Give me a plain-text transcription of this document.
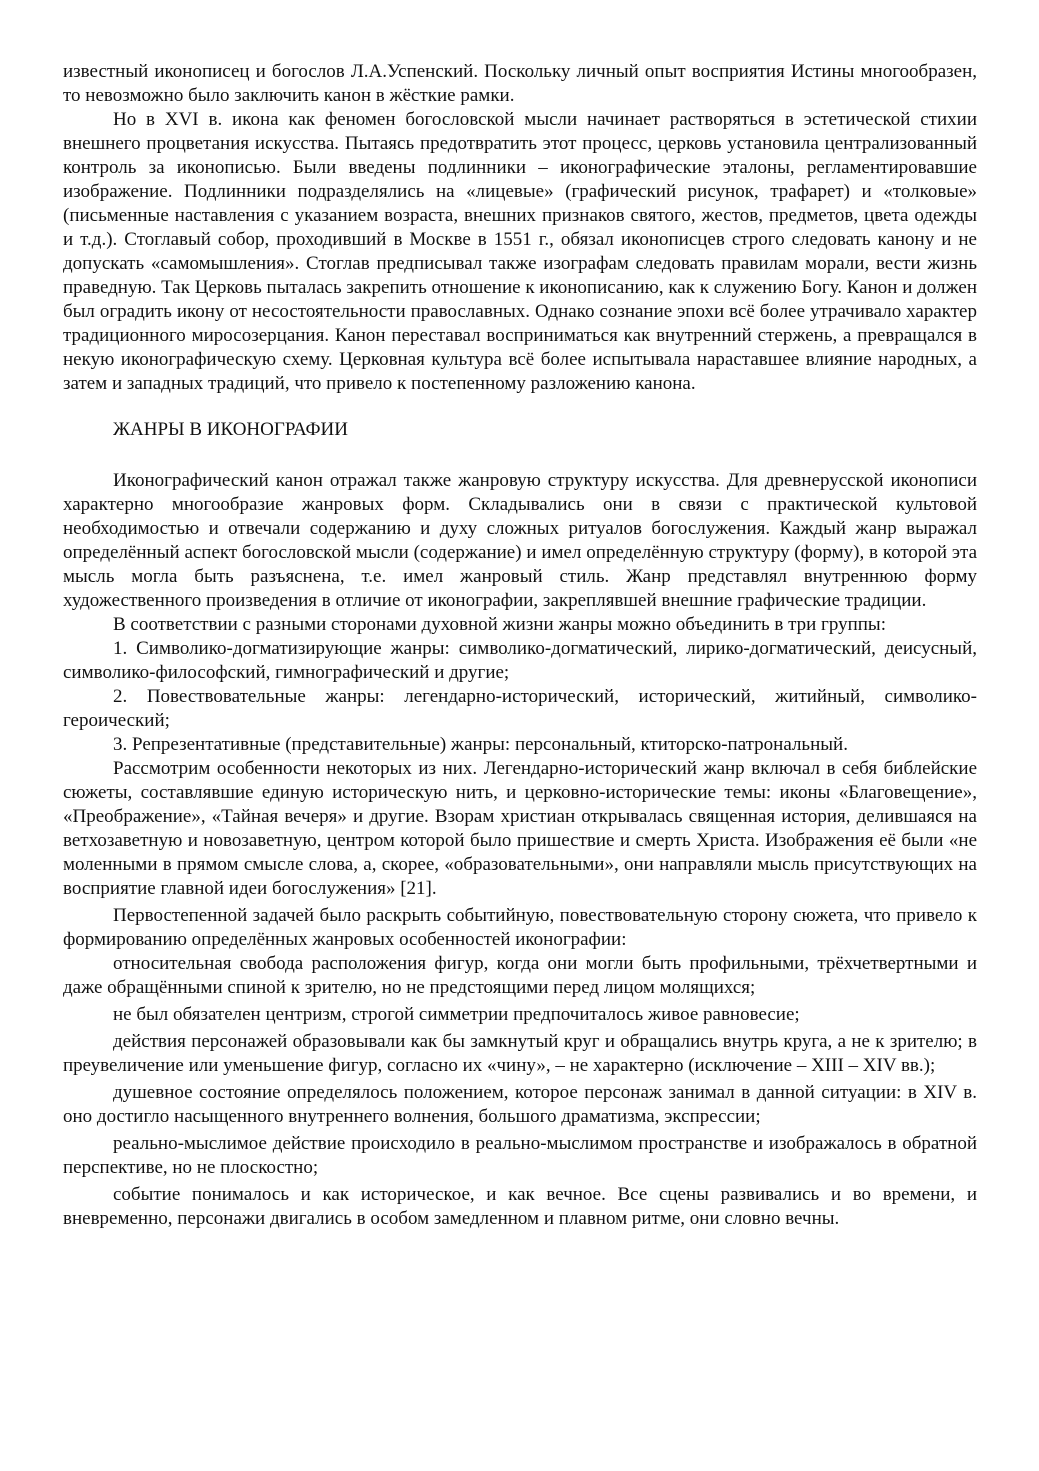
известный иконописец и богослов Л.А.Успенский. Поскольку личный опыт восприятия Истины многообразен, то невозможно было заключить канон в жёсткие рамки.

Но в XVI в. икона как феномен богословской мысли начинает растворяться в эстетической стихии внешнего процветания искусства. Пытаясь предотвратить этот процесс, церковь установила централизованный контроль за иконописью. Были введены подлинники – иконографические эталоны, регламентировавшие изображение. Подлинники подразделялись на «лицевые» (графический рисунок, трафарет) и «толковые» (письменные наставления с указанием возраста, внешних признаков святого, жестов, предметов, цвета одежды и т.д.). Стоглавый собор, проходивший в Москве в 1551 г., обязал иконописцев строго следовать канону и не допускать «самомышления». Стоглав предписывал также изографам следовать правилам морали, вести жизнь праведную. Так Церковь пыталась закрепить отношение к иконописанию, как к служению Богу. Канон и должен был оградить икону от несостоятельности православных. Однако сознание эпохи всё более утрачивало характер традиционного миросозерцания. Канон переставал восприниматься как внутренний стержень, а превращался в некую иконографическую схему. Церковная культура всё более испытывала нараставшее влияние народных, а затем и западных традиций, что привело к постепенному разложению канона.

ЖАНРЫ В ИКОНОГРАФИИ

Иконографический канон отражал также жанровую структуру искусства. Для древнерусской иконописи характерно многообразие жанровых форм. Складывались они в связи с практической культовой необходимостью и отвечали содержанию и духу сложных ритуалов богослужения. Каждый жанр выражал определённый аспект богословской мысли (содержание) и имел определённую структуру (форму), в которой эта мысль могла быть разъяснена, т.е. имел жанровый стиль. Жанр представлял внутреннюю форму художественного произведения в отличие от иконографии, закреплявшей внешние графические традиции.

В соответствии с разными сторонами духовной жизни жанры можно объединить в три группы:

1. Символико-догматизирующие жанры: символико-догматический, лирико-догматический, деисусный, символико-философский, гимнографический и другие;

2. Повествовательные жанры: легендарно-исторический, исторический, житийный, символико-героический;

3. Репрезентативные (представительные) жанры: персональный, ктиторско-патрональный.

Рассмотрим особенности некоторых из них. Легендарно-исторический жанр включал в себя библейские сюжеты, составлявшие единую историческую нить, и церковно-исторические темы: иконы «Благовещение», «Преображение», «Тайная вечеря» и другие. Взорам христиан открывалась священная история, делившаяся на ветхозаветную и новозаветную, центром которой было пришествие и смерть Христа. Изображения её были «не моленными в прямом смысле слова, а, скорее, «образовательными», они направляли мысль присутствующих на восприятие главной идеи богослужения» [21].

Первостепенной задачей было раскрыть событийную, повествовательную сторону сюжета, что привело к формированию определённых жанровых особенностей иконографии:

относительная свобода расположения фигур, когда они могли быть профильными, трёхчетвертными и даже обращёнными спиной к зрителю, но не предстоящими перед лицом молящихся;

не был обязателен центризм, строгой симметрии предпочиталось живое равновесие;

действия персонажей образовывали как бы замкнутый круг и обращались внутрь круга, а не к зрителю; в преувеличение или уменьшение фигур, согласно их «чину», – не характерно (исключение – XIII – XIV вв.);

душевное состояние определялось положением, которое персонаж занимал в данной ситуации: в XIV в. оно достигло насыщенного внутреннего волнения, большого драматизма, экспрессии;

реально-мыслимое действие происходило в реально-мыслимом пространстве и изображалось в обратной перспективе, но не плоскостно;

событие понималось и как историческое, и как вечное. Все сцены развивались и во времени, и вневременно, персонажи двигались в особом замедленном и плавном ритме, они словно вечны.
